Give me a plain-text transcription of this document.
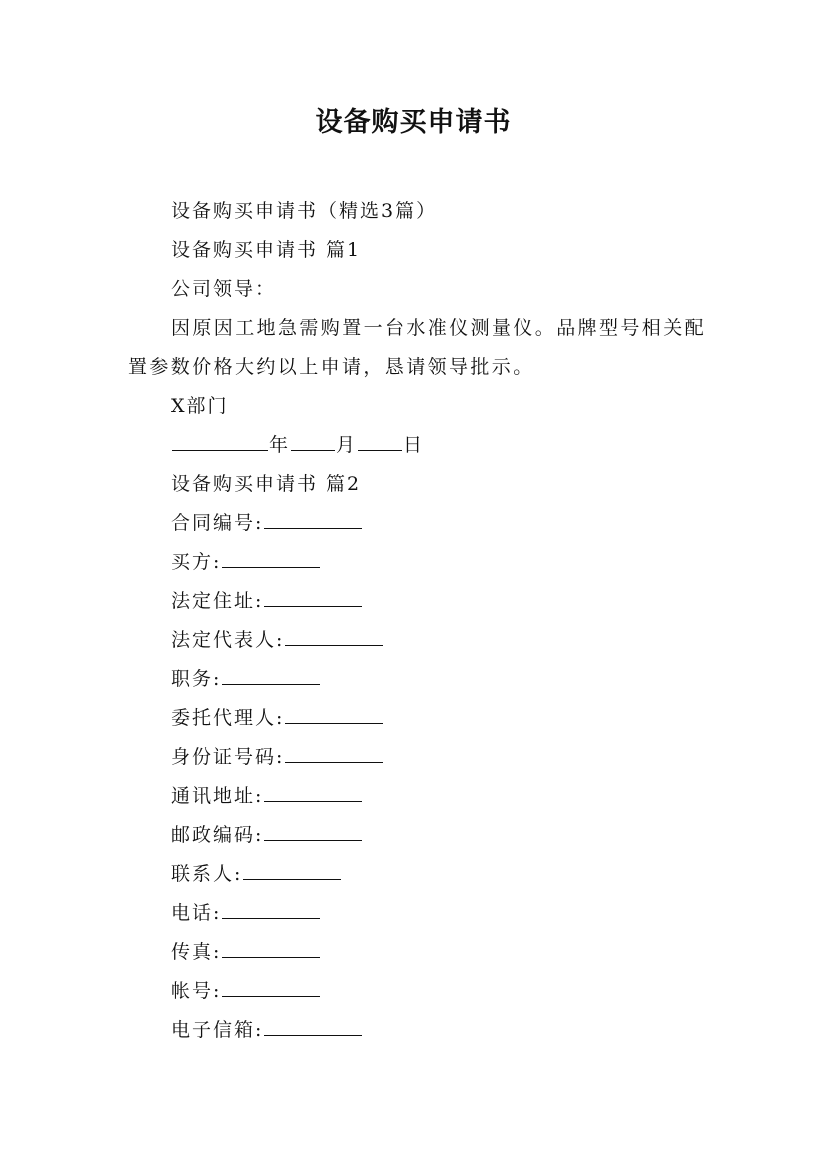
设备购买申请书

设备购买申请书（精选3篇）

设备购买申请书 篇1

公司领导：

因原因工地急需购置一台水准仪测量仪。品牌型号相关配置参数价格大约以上申请，恳请领导批示。

X部门

年 月 日

设备购买申请书 篇2

合同编号:

买方:

法定住址:

法定代表人:

职务:

委托代理人:

身份证号码:

通讯地址:

邮政编码:

联系人:

电话:

传真:

帐号:

电子信箱:
